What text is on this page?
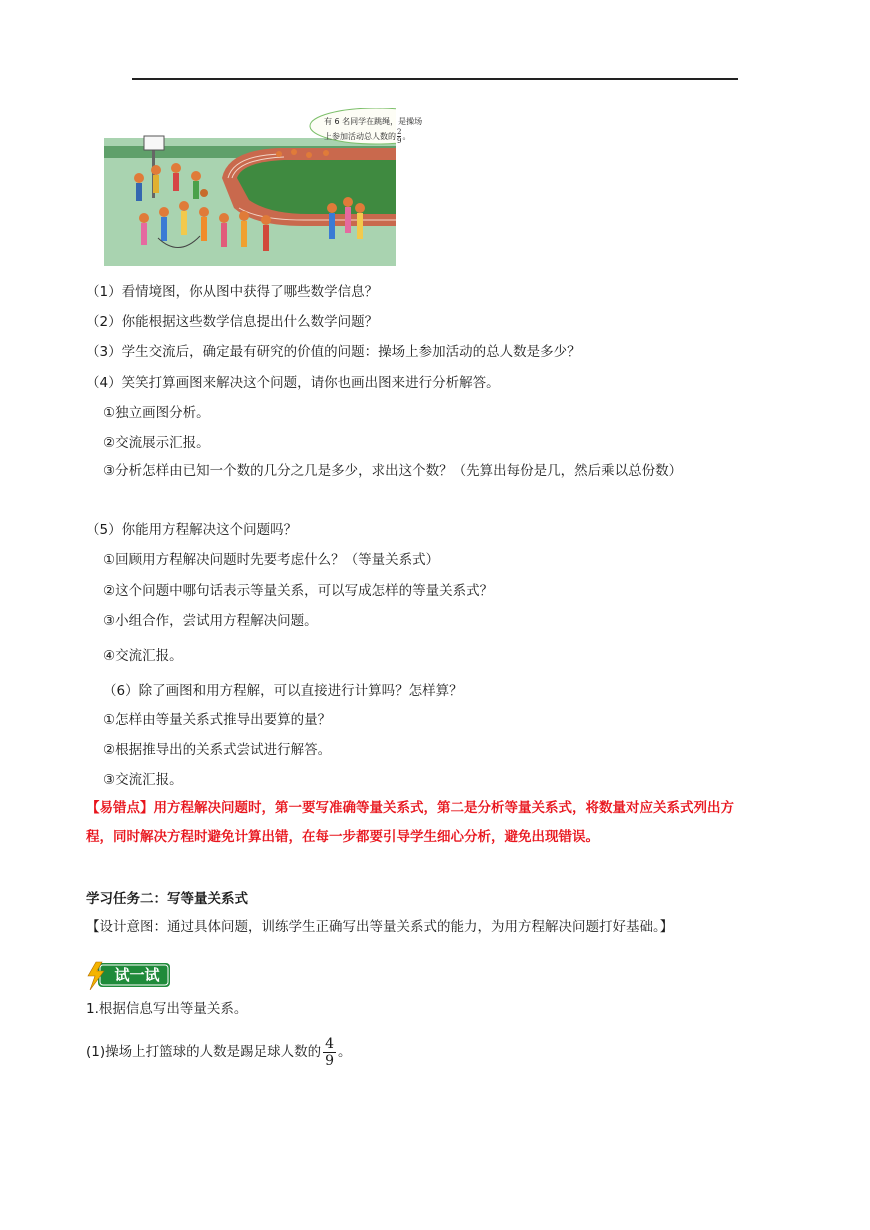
有 6 名同学在跳绳，是操场
上参加活动总人数的 $\frac{2}{9}$。
（1）看情境图，你从图中获得了哪些数学信息？
（2）你能根据这些数学信息提出什么数学问题？
（3）学生交流后，确定最有研究的价值的问题：操场上参加活动的总人数是多少？
（4）笑笑打算画图来解决这个问题，请你也画出图来进行分析解答。
①独立画图分析。
②交流展示汇报。
③分析怎样由已知一个数的几分之几是多少，求出这个数？（先算出每份是几，然后乘以总份数）
（5）你能用方程解决这个问题吗？
①回顾用方程解决问题时先要考虑什么？（等量关系式）
②这个问题中哪句话表示等量关系，可以写成怎样的等量关系式？
③小组合作，尝试用方程解决问题。
④交流汇报。
（6）除了画图和用方程解，可以直接进行计算吗？怎样算？
①怎样由等量关系式推导出要算的量？
②根据推导出的关系式尝试进行解答。
③交流汇报。
【易错点】用方程解决问题时，第一要写准确等量关系式，第二是分析等量关系式，将数量对应关系式列出方程，同时解决方程时避免计算出错，在每一步都要引导学生细心分析，避免出现错误。
学习任务二：写等量关系式
【设计意图：通过具体问题，训练学生正确写出等量关系式的能力，为用方程解决问题打好基础。】
试一试
1.根据信息写出等量关系。
(1)操场上打篮球的人数是踢足球人数的 $\frac{4}{9}$ 。
